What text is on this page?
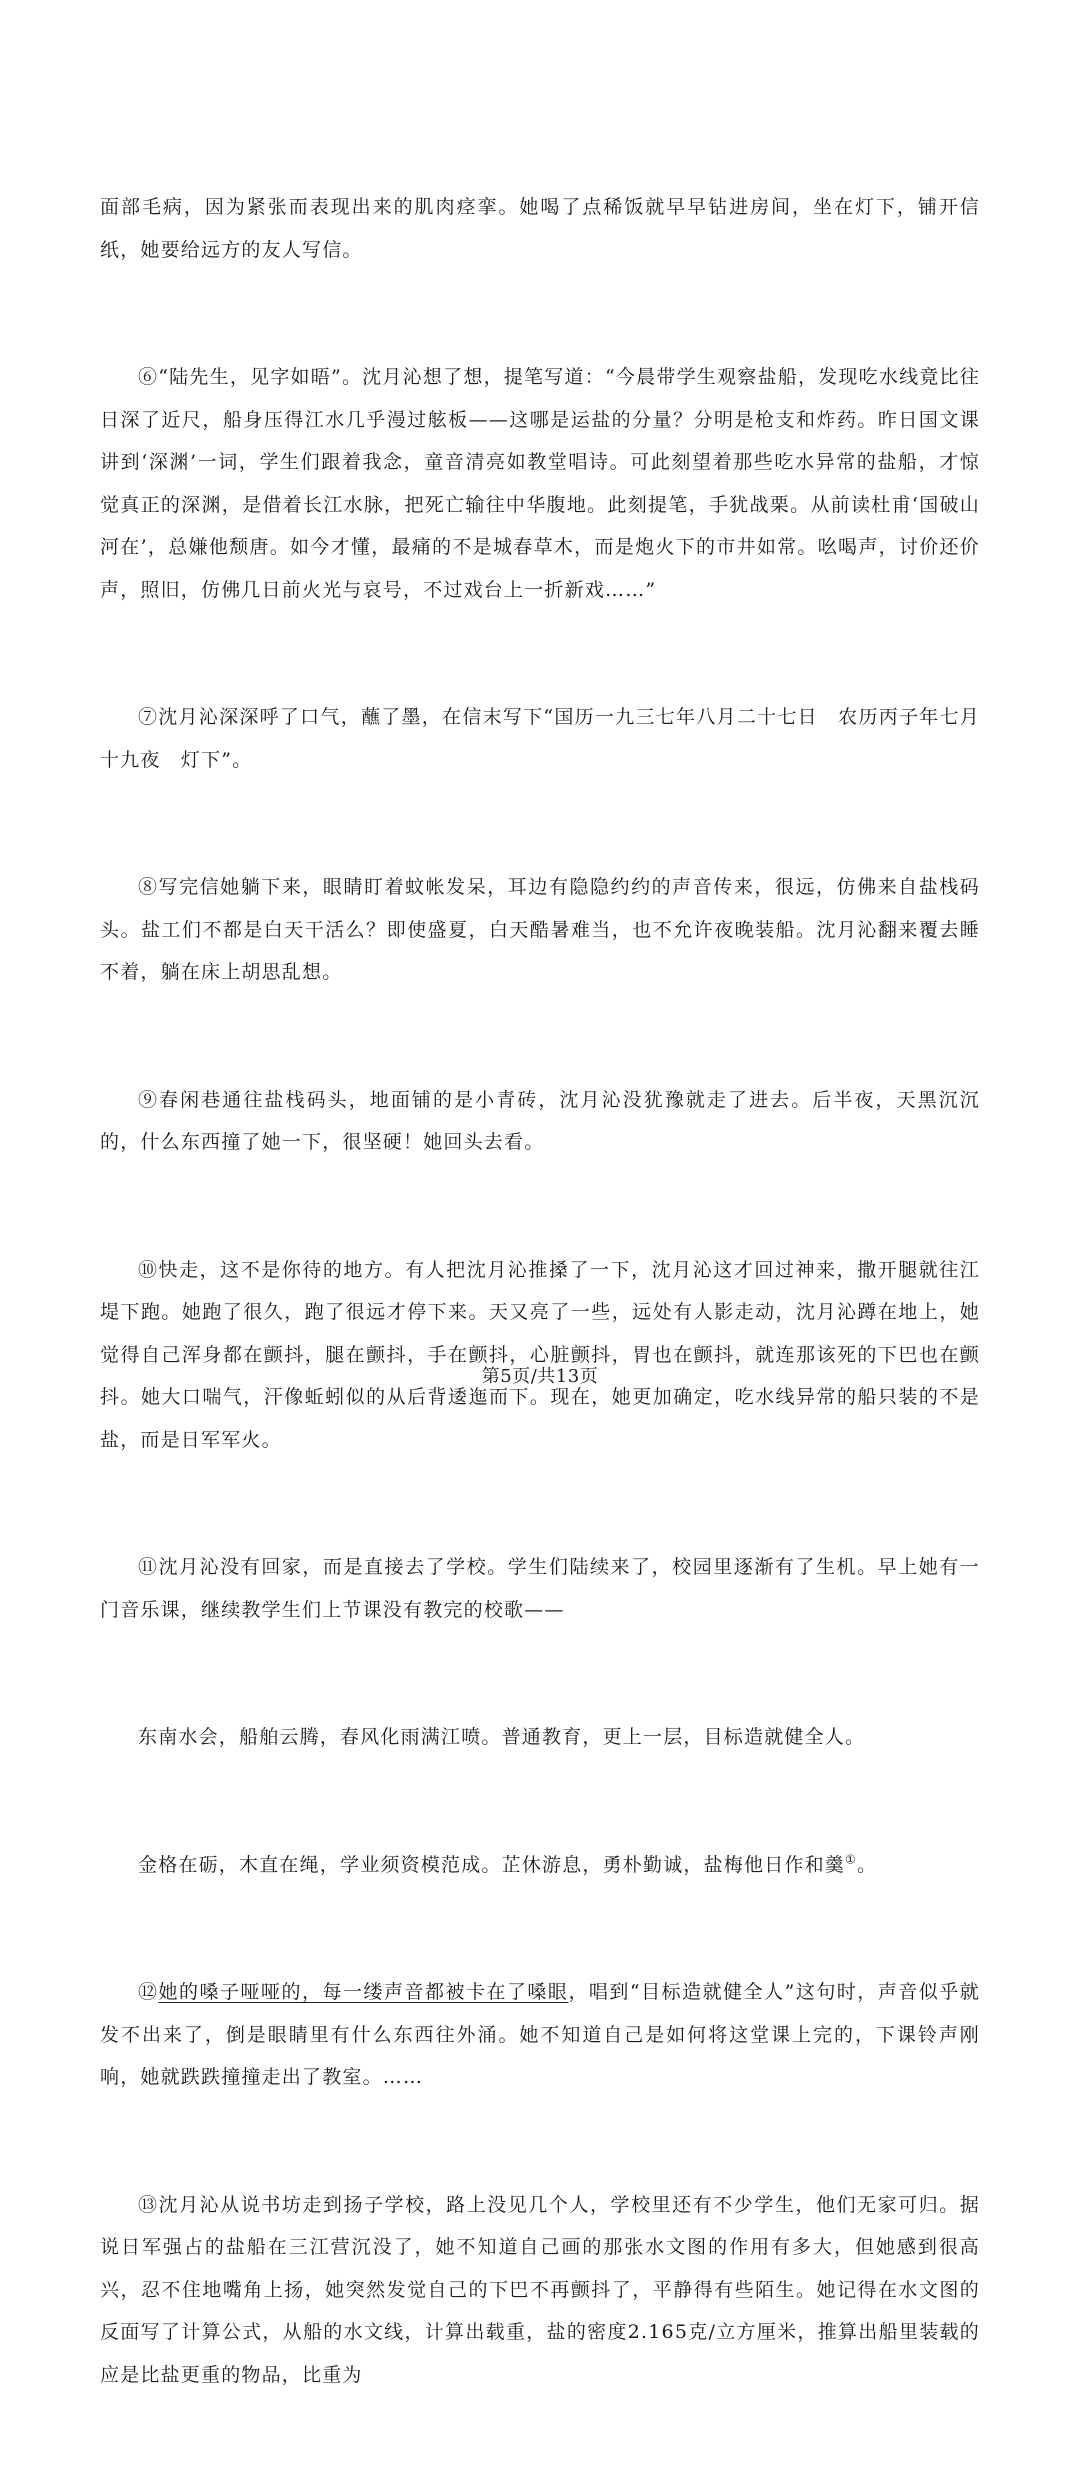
面部毛病，因为紧张而表现出来的肌肉痉挛。她喝了点稀饭就早早钻进房间，坐在灯下，铺开信纸，她要给远方的友人写信。

⑥“陆先生，见字如晤”。沈月沁想了想，提笔写道：“今晨带学生观察盐船，发现吃水线竟比往日深了近尺，船身压得江水几乎漫过舷板——这哪是运盐的分量？分明是枪支和炸药。昨日国文课讲到‘深渊’一词，学生们跟着我念，童音清亮如教堂唱诗。可此刻望着那些吃水异常的盐船，才惊觉真正的深渊，是借着长江水脉，把死亡输往中华腹地。此刻提笔，手犹战栗。从前读杜甫‘国破山河在’，总嫌他颓唐。如今才懂，最痛的不是城春草木，而是炮火下的市井如常。吆喝声，讨价还价声，照旧，仿佛几日前火光与哀号，不过戏台上一折新戏……”

⑦沈月沁深深呼了口气，蘸了墨，在信末写下“国历一九三七年八月二十七日　农历丙子年七月十九夜　灯下”。

⑧写完信她躺下来，眼睛盯着蚊帐发呆，耳边有隐隐约约的声音传来，很远，仿佛来自盐栈码头。盐工们不都是白天干活么？即使盛夏，白天酷暑难当，也不允许夜晚装船。沈月沁翻来覆去睡不着，躺在床上胡思乱想。

⑨春闲巷通往盐栈码头，地面铺的是小青砖，沈月沁没犹豫就走了进去。后半夜，天黑沉沉的，什么东西撞了她一下，很坚硬！她回头去看。

⑩快走，这不是你待的地方。有人把沈月沁推搡了一下，沈月沁这才回过神来，撒开腿就往江堤下跑。她跑了很久，跑了很远才停下来。天又亮了一些，远处有人影走动，沈月沁蹲在地上，她觉得自己浑身都在颤抖，腿在颤抖，手在颤抖，心脏颤抖，胃也在颤抖，就连那该死的下巴也在颤抖。她大口喘气，汗像蚯蚓似的从后背逶迤而下。现在，她更加确定，吃水线异常的船只装的不是盐，而是日军军火。

⑪沈月沁没有回家，而是直接去了学校。学生们陆续来了，校园里逐渐有了生机。早上她有一门音乐课，继续教学生们上节课没有教完的校歌——

东南水会，船舶云腾，春风化雨满江喷。普通教育，更上一层，目标造就健全人。

金格在砺，木直在绳，学业须资模范成。芷休游息，勇朴勤诚，盐梅他日作和羹①。

⑫她的嗓子哑哑的，每一缕声音都被卡在了嗓眼，唱到“目标造就健全人”这句时，声音似乎就发不出来了，倒是眼睛里有什么东西往外涌。她不知道自己是如何将这堂课上完的，下课铃声刚响，她就跌跌撞撞走出了教室。……

⑬沈月沁从说书坊走到扬子学校，路上没见几个人，学校里还有不少学生，他们无家可归。据说日军强占的盐船在三江营沉没了，她不知道自己画的那张水文图的作用有多大，但她感到很高兴，忍不住地嘴角上扬，她突然发觉自己的下巴不再颤抖了，平静得有些陌生。她记得在水文图的反面写了计算公式，从船的水文线，计算出载重，盐的密度2.165克/立方厘米，推算出船里装载的应是比盐更重的物品，比重为

第5页/共13页
